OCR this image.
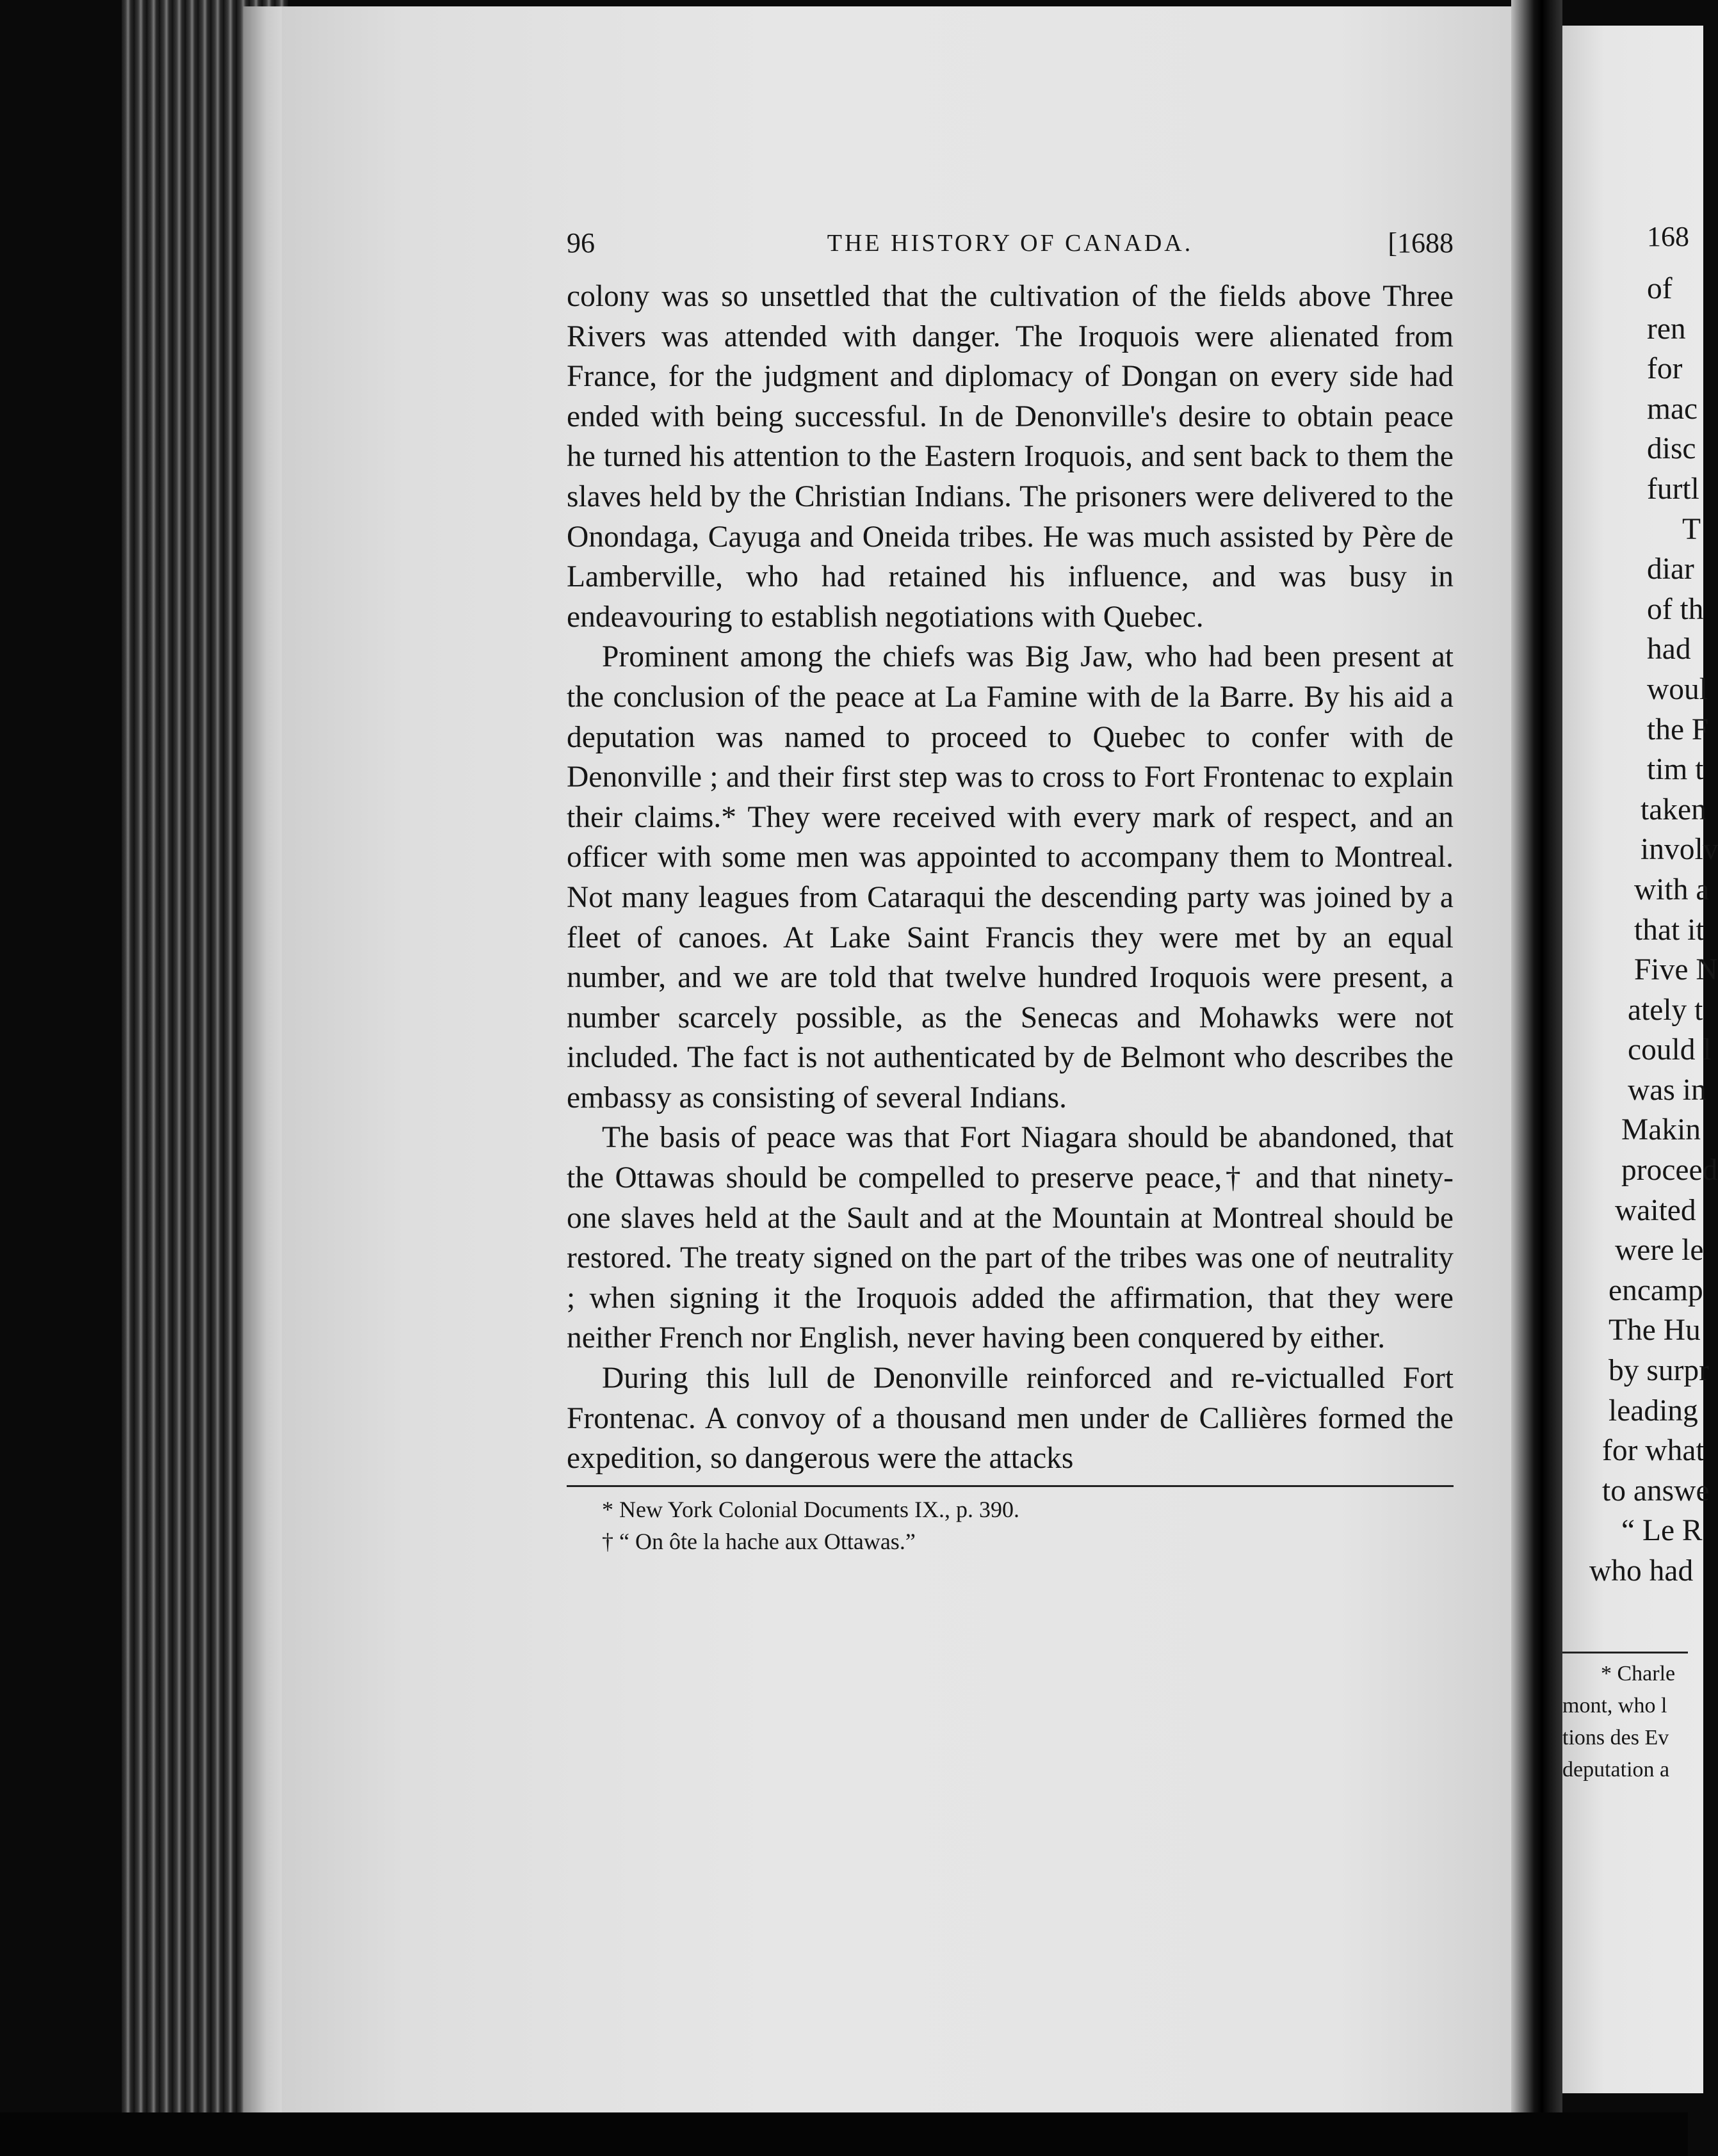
96	THE HISTORY OF CANADA.	[1688

colony was so unsettled that the cultivation of the fields above Three Rivers was attended with danger. The Iroquois were alienated from France, for the judgment and diplomacy of Dongan on every side had ended with being successful. In de Denonville's desire to obtain peace he turned his attention to the Eastern Iroquois, and sent back to them the slaves held by the Christian Indians. The prisoners were delivered to the Onondaga, Cayuga and Oneida tribes. He was much assisted by Père de Lamberville, who had retained his influence, and was busy in endeavouring to establish negotiations with Quebec.

Prominent among the chiefs was Big Jaw, who had been present at the conclusion of the peace at La Famine with de la Barre. By his aid a deputation was named to proceed to Quebec to confer with de Denonville ; and their first step was to cross to Fort Frontenac to explain their claims.* They were received with every mark of respect, and an officer with some men was appointed to accompany them to Montreal. Not many leagues from Cataraqui the descending party was joined by a fleet of canoes. At Lake Saint Francis they were met by an equal number, and we are told that twelve hundred Iroquois were present, a number scarcely possible, as the Senecas and Mohawks were not included. The fact is not authenticated by de Belmont who describes the embassy as consisting of several Indians.

The basis of peace was that Fort Niagara should be abandoned, that the Ottawas should be compelled to preserve peace,† and that ninety-one slaves held at the Sault and at the Mountain at Montreal should be restored. The treaty signed on the part of the tribes was one of neutrality ; when signing it the Iroquois added the affirmation, that they were neither French nor English, never having been conquered by either.

During this lull de Denonville reinforced and re-victualled Fort Frontenac. A convoy of a thousand men under de Callières formed the expedition, so dangerous were the attacks

* New York Colonial Documents IX., p. 390.
† “ On ôte la hache aux Ottawas.”
168
of
ren
for
mac
disc
furtl
T
diar
of th
had
woul
the F
tim t
taken
involv
with a
that it
Five N
ately t
could l
was in
Makin
proceed
waited
were le
encamp
The Hu
by surpr
leading
for what
to answe
“ Le R
who had
* Charle
mont, who l
tions des Ev
deputation a
